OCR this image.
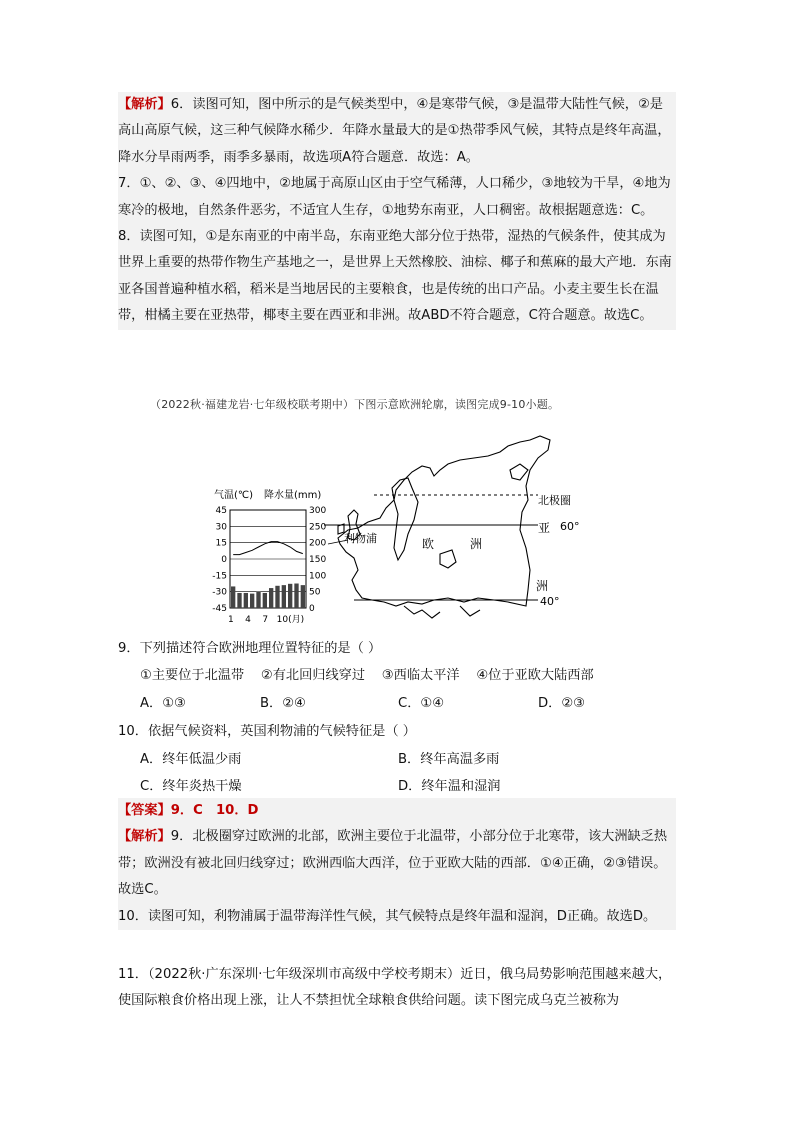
【解析】6．读图可知，图中所示的是气候类型中，④是寒带气候，③是温带大陆性气候，②是高山高原气候，这三种气候降水稀少．年降水量最大的是①热带季风气候，其特点是终年高温，降水分旱雨两季，雨季多暴雨，故选项A符合题意．故选：A。
7．①、②、③、④四地中，②地属于高原山区由于空气稀薄，人口稀少，③地较为干旱，④地为寒冷的极地，自然条件恶劣，不适宜人生存，①地势东南亚，人口稠密。故根据题意选：C。
8．读图可知，①是东南亚的中南半岛，东南亚绝大部分位于热带，湿热的气候条件，使其成为世界上重要的热带作物生产基地之一，是世界上天然橡胶、油棕、椰子和蕉麻的最大产地．东南亚各国普遍种植水稻，稻米是当地居民的主要粮食，也是传统的出口产品。小麦主要生长在温带，柑橘主要在亚热带，椰枣主要在西亚和非洲。故ABD不符合题意，C符合题意。故选C。
（2022秋·福建龙岩·七年级校联考期中）下图示意欧洲轮廓，读图完成9-10小题。
气温(℃) 降水量(mm)
45
30
15
0
-15
-30
-45
300
250
200
150
100
50
0
1    4    7   10(月)
北极圈
60°
40°
利物浦	欧	洲
亚
洲
9．下列描述符合欧洲地理位置特征的是（ ）
①主要位于北温带    ②有北回归线穿过    ③西临太平洋    ④位于亚欧大陆西部
A．①③	B．②④	C．①④	D．②③
10．依据气候资料，英国利物浦的气候特征是（ ）
A．终年低温少雨	B．终年高温多雨
C．终年炎热干燥	D．终年温和湿润
【答案】9．C　10．D
【解析】9．北极圈穿过欧洲的北部，欧洲主要位于北温带，小部分位于北寒带，该大洲缺乏热带；欧洲没有被北回归线穿过；欧洲西临大西洋，位于亚欧大陆的西部．①④正确，②③错误。故选C。
10．读图可知，利物浦属于温带海洋性气候，其气候特点是终年温和湿润，D正确。故选D。
11．（2022秋·广东深圳·七年级深圳市高级中学校考期末）近日，俄乌局势影响范围越来越大，使国际粮食价格出现上涨，让人不禁担忧全球粮食供给问题。读下图完成乌克兰被称为
